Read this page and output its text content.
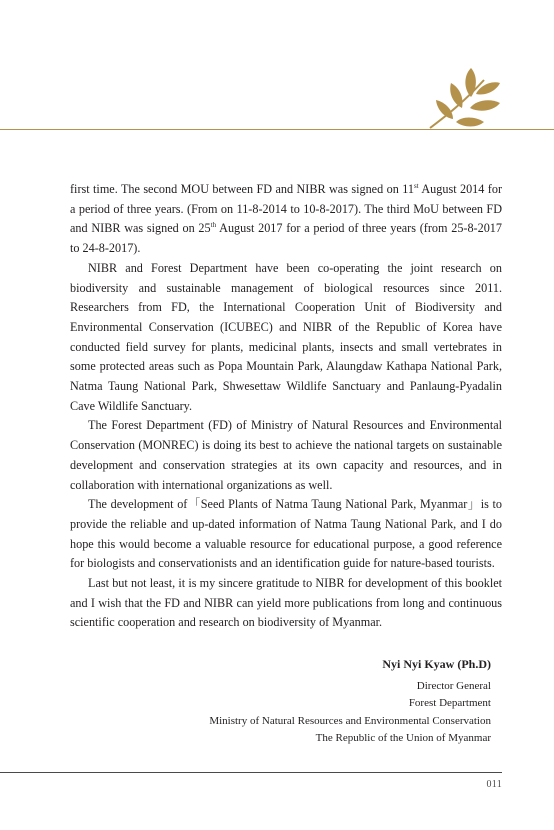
first time. The second MOU between FD and NIBR was signed on 11st August 2014 for a period of three years. (From on 11-8-2014 to 10-8-2017). The third MoU between FD and NIBR was signed on 25th August 2017 for a period of three years (from 25-8-2017 to 24-8-2017).

NIBR and Forest Department have been co-operating the joint research on biodiversity and sustainable management of biological resources since 2011. Researchers from FD, the International Cooperation Unit of Biodiversity and Environmental Conservation (ICUBEC) and NIBR of the Republic of Korea have conducted field survey for plants, medicinal plants, insects and small vertebrates in some protected areas such as Popa Mountain Park, Alaungdaw Kathapa National Park, Natma Taung National Park, Shwesettaw Wildlife Sanctuary and Panlaung-Pyadalin Cave Wildlife Sanctuary.

The Forest Department (FD) of Ministry of Natural Resources and Environmental Conservation (MONREC) is doing its best to achieve the national targets on sustainable development and conservation strategies at its own capacity and resources, and in collaboration with international organizations as well.

The development of「Seed Plants of Natma Taung National Park, Myanmar」is to provide the reliable and up-dated information of Natma Taung National Park, and I do hope this would become a valuable resource for educational purpose, a good reference for biologists and conservationists and an identification guide for nature-based tourists.

Last but not least, it is my sincere gratitude to NIBR for development of this booklet and I wish that the FD and NIBR can yield more publications from long and continuous scientific cooperation and research on biodiversity of Myanmar.

Nyi Nyi Kyaw (Ph.D)
Director General
Forest Department
Ministry of Natural Resources and Environmental Conservation
The Republic of the Union of Myanmar
011
